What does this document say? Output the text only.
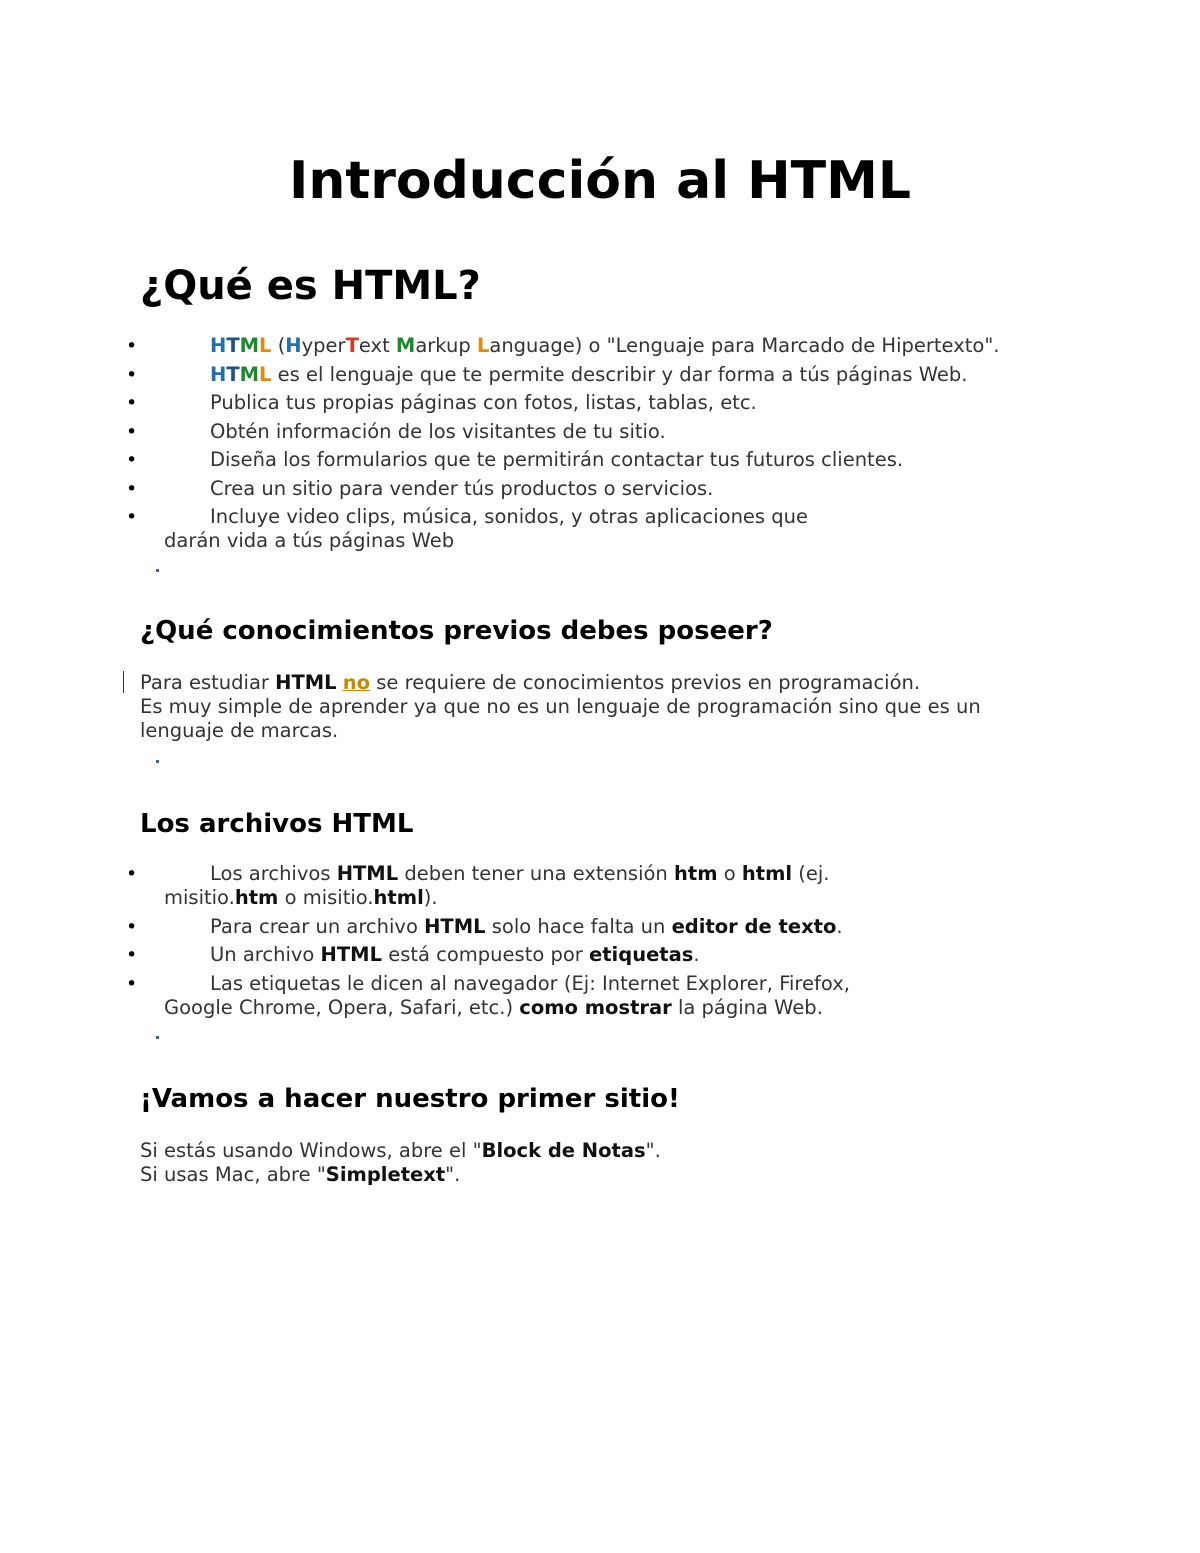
Introducción al HTML
¿Qué es HTML?
•	HTML (HyperText Markup Language) o "Lenguaje para Marcado de Hipertexto".
•	HTML es el lenguaje que te permite describir y dar forma a tús páginas Web.
•	Publica tus propias páginas con fotos, listas, tablas, etc.
•	Obtén información de los visitantes de tu sitio.
•	Diseña los formularios que te permitirán contactar tus futuros clientes.
•	Crea un sitio para vender tús productos o servicios.
•	Incluye video clips, música, sonidos, y otras aplicaciones que darán vida a tús páginas Web
¿Qué conocimientos previos debes poseer?

Para estudiar HTML no se requiere de conocimientos previos en programación.
Es muy simple de aprender ya que no es un lenguaje de programación sino que es un lenguaje de marcas.

Los archivos HTML
•	Los archivos HTML deben tener una extensión htm o html (ej. misitio.htm o misitio.html).
•	Para crear un archivo HTML solo hace falta un editor de texto.
•	Un archivo HTML está compuesto por etiquetas.
•	Las etiquetas le dicen al navegador (Ej: Internet Explorer, Firefox, Google Chrome, Opera, Safari, etc.) como mostrar la página Web.
¡Vamos a hacer nuestro primer sitio!

Si estás usando Windows, abre el "Block de Notas".
Si usas Mac, abre "Simpletext".
